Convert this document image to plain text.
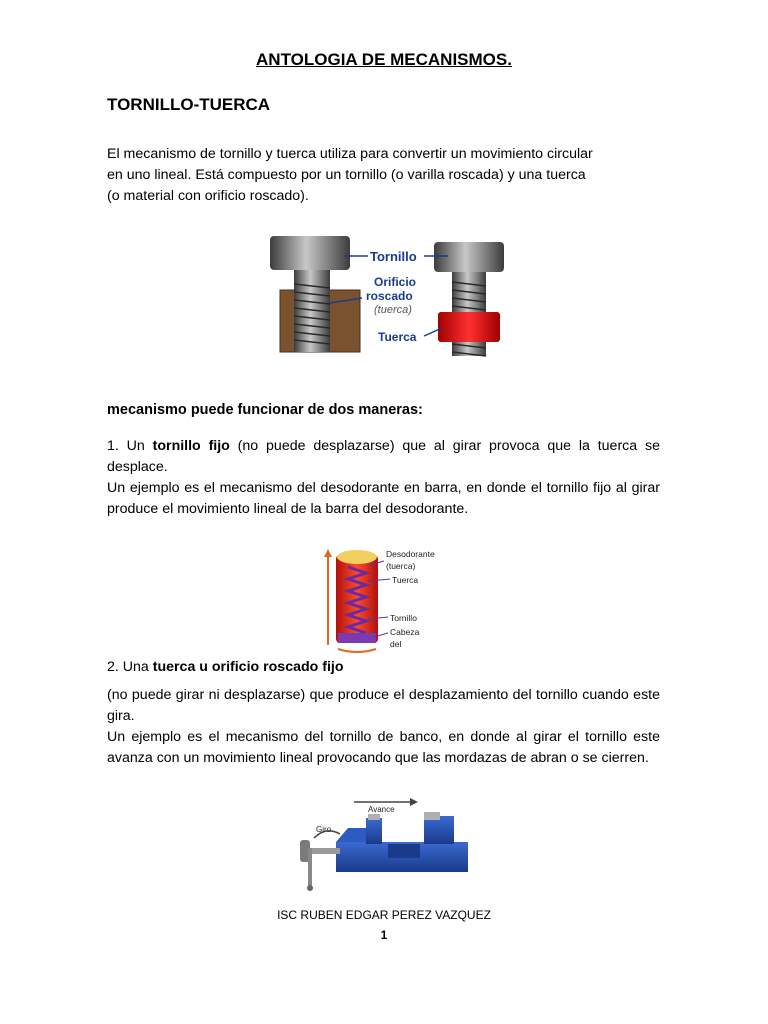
ANTOLOGIA DE MECANISMOS.
TORNILLO-TUERCA
El mecanismo de tornillo y tuerca utiliza para convertir un movimiento circular
en uno lineal. Está compuesto por un tornillo (o varilla roscada) y una tuerca
(o material con orificio roscado).
Tornillo
Orificio
roscado
(tuerca)
Tuerca
mecanismo puede funcionar de dos maneras:
1. Un tornillo fijo (no puede desplazarse) que al girar provoca que la tuerca se desplace.
Un ejemplo es el mecanismo del desodorante en barra, en donde el tornillo fijo al girar produce el movimiento lineal de la barra del desodorante.
Desodorante
(tuerca)
Tuerca
Tornillo
Cabeza
del
2. Una tuerca u orificio roscado fijo
(no puede girar ni desplazarse) que produce el desplazamiento del tornillo cuando este gira.
Un ejemplo es el mecanismo del tornillo de banco, en donde al girar el tornillo este avanza con un movimiento lineal provocando que las mordazas de abran o se cierren.
Avance
Giro
ISC RUBEN EDGAR PEREZ VAZQUEZ
1
